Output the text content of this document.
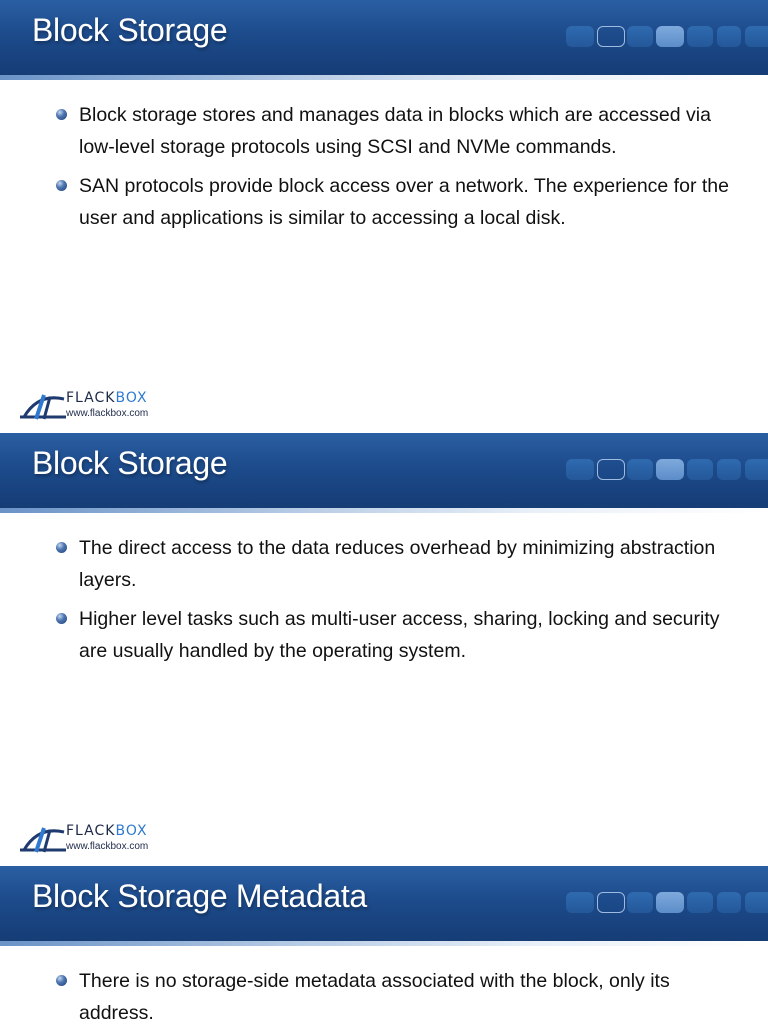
Block Storage
Block storage stores and manages data in blocks which are accessed via low-level storage protocols using SCSI and NVMe commands.
SAN protocols provide block access over a network. The experience for the user and applications is similar to accessing a local disk.
FLACKBOX
www.flackbox.com
Block Storage
The direct access to the data reduces overhead by minimizing abstraction layers.
Higher level tasks such as multi-user access, sharing, locking and security are usually handled by the operating system.
FLACKBOX
www.flackbox.com
Block Storage Metadata
There is no storage-side metadata associated with the block, only its address.
